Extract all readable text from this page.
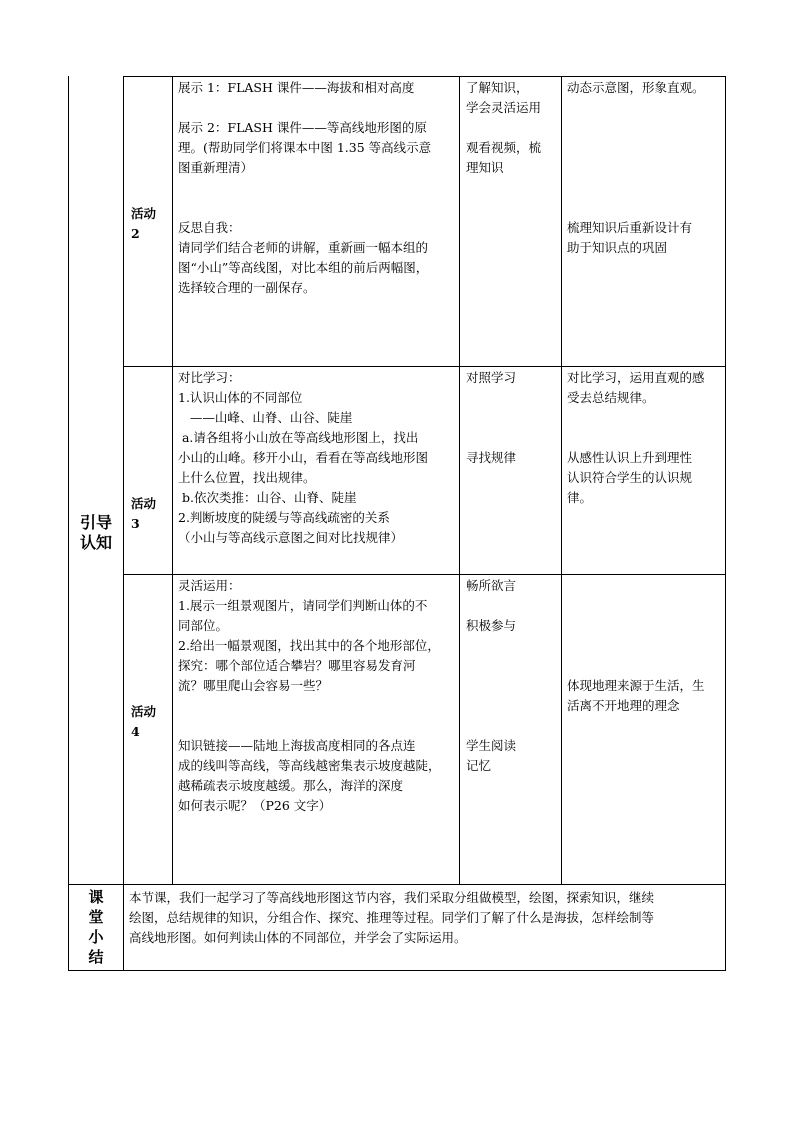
引导
认知
活动
2
展示 1：FLASH 课件——海拔和相对高度
展示 2：FLASH 课件——等高线地形图的原
理。(帮助同学们将课本中图 1.35 等高线示意
图重新理清）
反思自我：
请同学们结合老师的讲解，重新画一幅本组的
图“小山”等高线图，对比本组的前后两幅图，
选择较合理的一副保存。
了解知识，
学会灵活运用
观看视频，梳
理知识
动态示意图，形象直观。
梳理知识后重新设计有
助于知识点的巩固
活动
3
对比学习：
1.认识山体的不同部位
——山峰、山脊、山谷、陡崖
a.请各组将小山放在等高线地形图上，找出
小山的山峰。移开小山，看看在等高线地形图
上什么位置，找出规律。
b.依次类推：山谷、山脊、陡崖
2.判断坡度的陡缓与等高线疏密的关系
（小山与等高线示意图之间对比找规律）
对照学习
寻找规律
对比学习，运用直观的感
受去总结规律。
从感性认识上升到理性
认识符合学生的认识规
律。
活动
4
灵活运用：
1.展示一组景观图片，请同学们判断山体的不
同部位。
2.给出一幅景观图，找出其中的各个地形部位，
探究：哪个部位适合攀岩？哪里容易发育河
流？哪里爬山会容易一些？
知识链接——陆地上海拔高度相同的各点连
成的线叫等高线，等高线越密集表示坡度越陡，
越稀疏表示坡度越缓。那么，海洋的深度
如何表示呢？（P26 文字）
畅所欲言
积极参与
学生阅读
记忆
体现地理来源于生活，生
活离不开地理的理念
课
堂
小
结
本节课，我们一起学习了等高线地形图这节内容，我们采取分组做模型，绘图，探索知识，继续
绘图，总结规律的知识，分组合作、探究、推理等过程。同学们了解了什么是海拔，怎样绘制等
高线地形图。如何判读山体的不同部位，并学会了实际运用。
